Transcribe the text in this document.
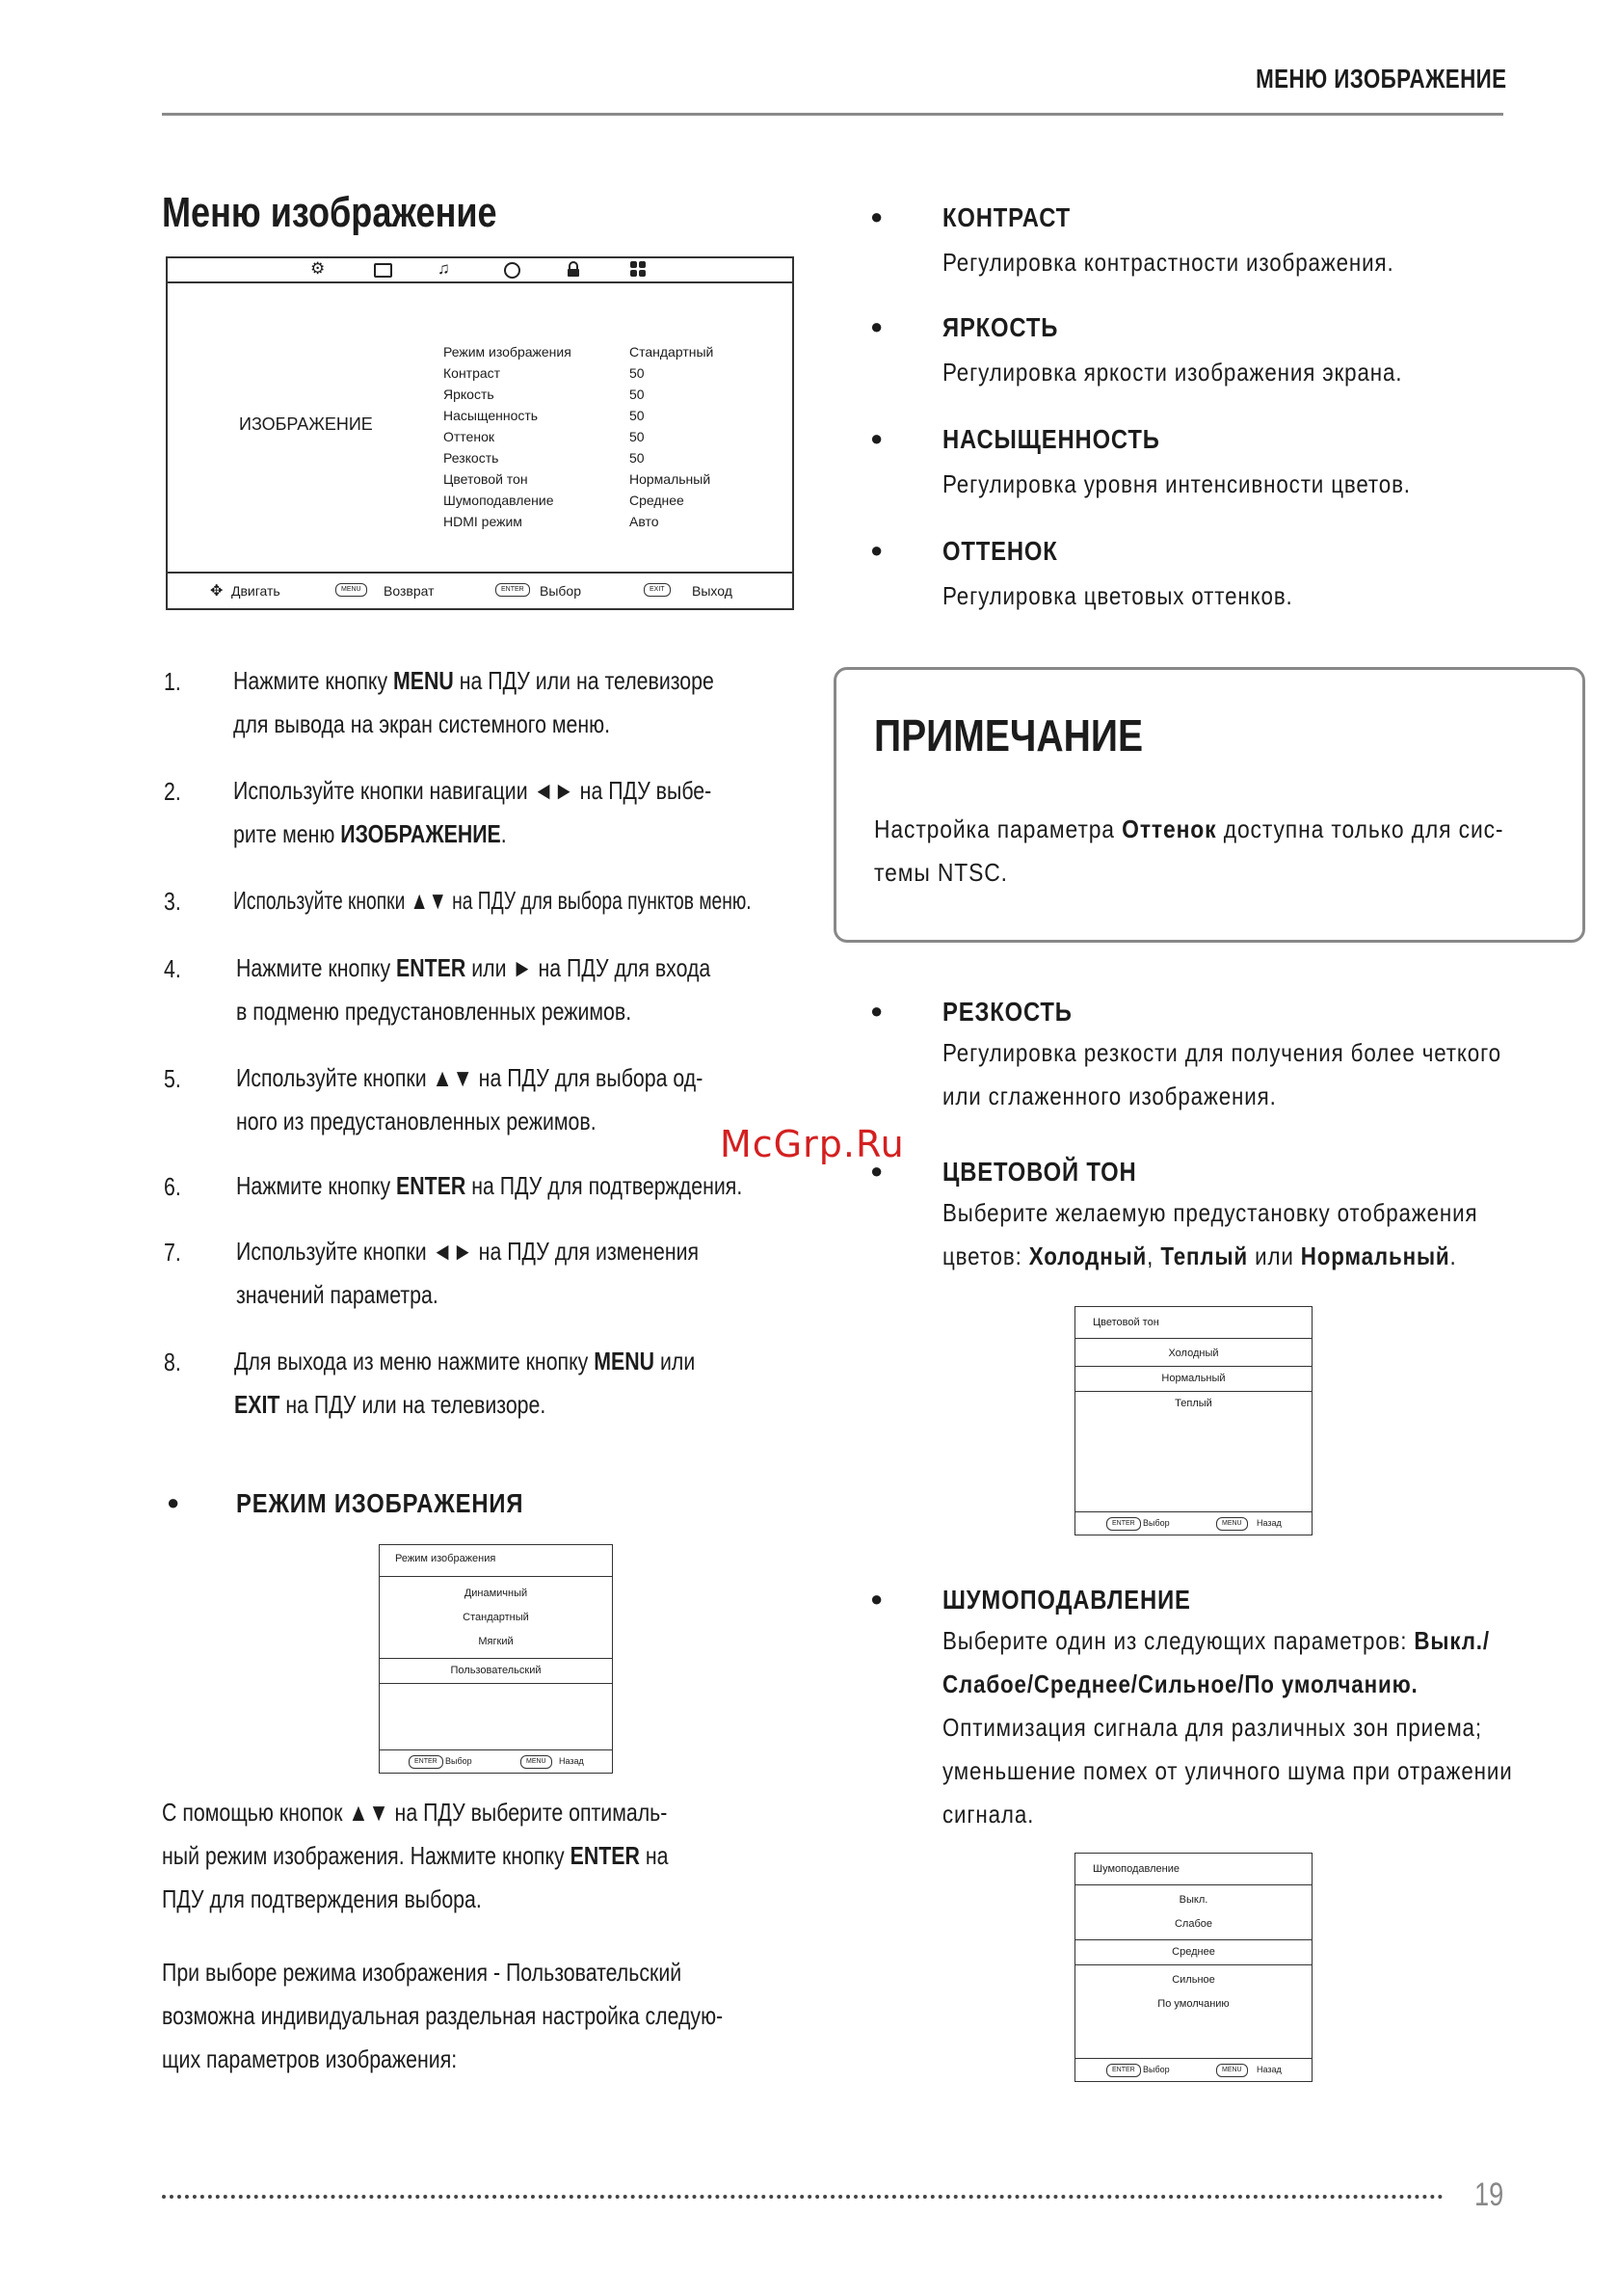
МЕНЮ ИЗОБРАЖЕНИЕ
Меню изображение
⚙	♫
ИЗОБРАЖЕНИЕ
Режим изображения	Стандартный
Контраст	50
Яркость	50
Насыщенность	50
Оттенок	50
Резкость	50
Цветовой тон	Нормальный
Шумоподавление	Среднее
HDMI режим	Авто
✥ Двигать	MENU	Возврат	ENTER	Выбор	EXIT	Выход
1. Нажмите кнопку MENU на ПДУ или на телевизоре
для вывода на экран системного меню.
2. Используйте кнопки навигации ◄► на ПДУ выбе-
рите меню ИЗОБРАЖЕНИЕ.
3. Используйте кнопки ▲▼ на ПДУ для выбора пунктов меню.
4. Нажмите кнопку ENTER или ► на ПДУ для входа
в подменю предустановленных режимов.
5. Используйте кнопки ▲▼ на ПДУ для выбора од-
ного из предустановленных режимов.
6. Нажмите кнопку ENTER на ПДУ для подтверждения.
7. Используйте кнопки ◄► на ПДУ для изменения
значений параметра.
8. Для выхода из меню нажмите кнопку MENU или
EXIT на ПДУ или на телевизоре.
● РЕЖИМ ИЗОБРАЖЕНИЯ
Режим изображения
Динамичный
Стандартный
Мягкий
Пользовательский
ENTER Выбор	MENU	Назад
С помощью кнопок ▲▼ на ПДУ выберите оптималь-
ный режим изображения. Нажмите кнопку ENTER на
ПДУ для подтверждения выбора.
При выборе режима изображения - Пользовательский
возможна индивидуальная раздельная настройка следую-
щих параметров изображения:
● КОНТРАСТ
Регулировка контрастности изображения.
● ЯРКОСТЬ
Регулировка яркости изображения экрана.
● НАСЫЩЕННОСТЬ
Регулировка уровня интенсивности цветов.
● ОТТЕНОК
Регулировка цветовых оттенков.
ПРИМЕЧАНИЕ
Настройка параметра Оттенок доступна только для сис-
темы NTSC.
● РЕЗКОСТЬ
Регулировка резкости для получения более четкого
или сглаженного изображения.
McGrp.Ru
● ЦВЕТОВОЙ ТОН
Выберите желаемую предустановку отображения
цветов: Холодный, Теплый или Нормальный.
Цветовой тон
Холодный
Нормальный
Теплый
ENTER Выбор	MENU	Назад
● ШУМОПОДАВЛЕНИЕ
Выберите один из следующих параметров: Выкл./
Слабое/Среднее/Сильное/По умолчанию.
Оптимизация сигнала для различных зон приема;
уменьшение помех от уличного шума при отражении
сигнала.
Шумоподавление
Выкл.
Слабое
Среднее
Сильное
По умолчанию
ENTER Выбор	MENU	Назад
19
